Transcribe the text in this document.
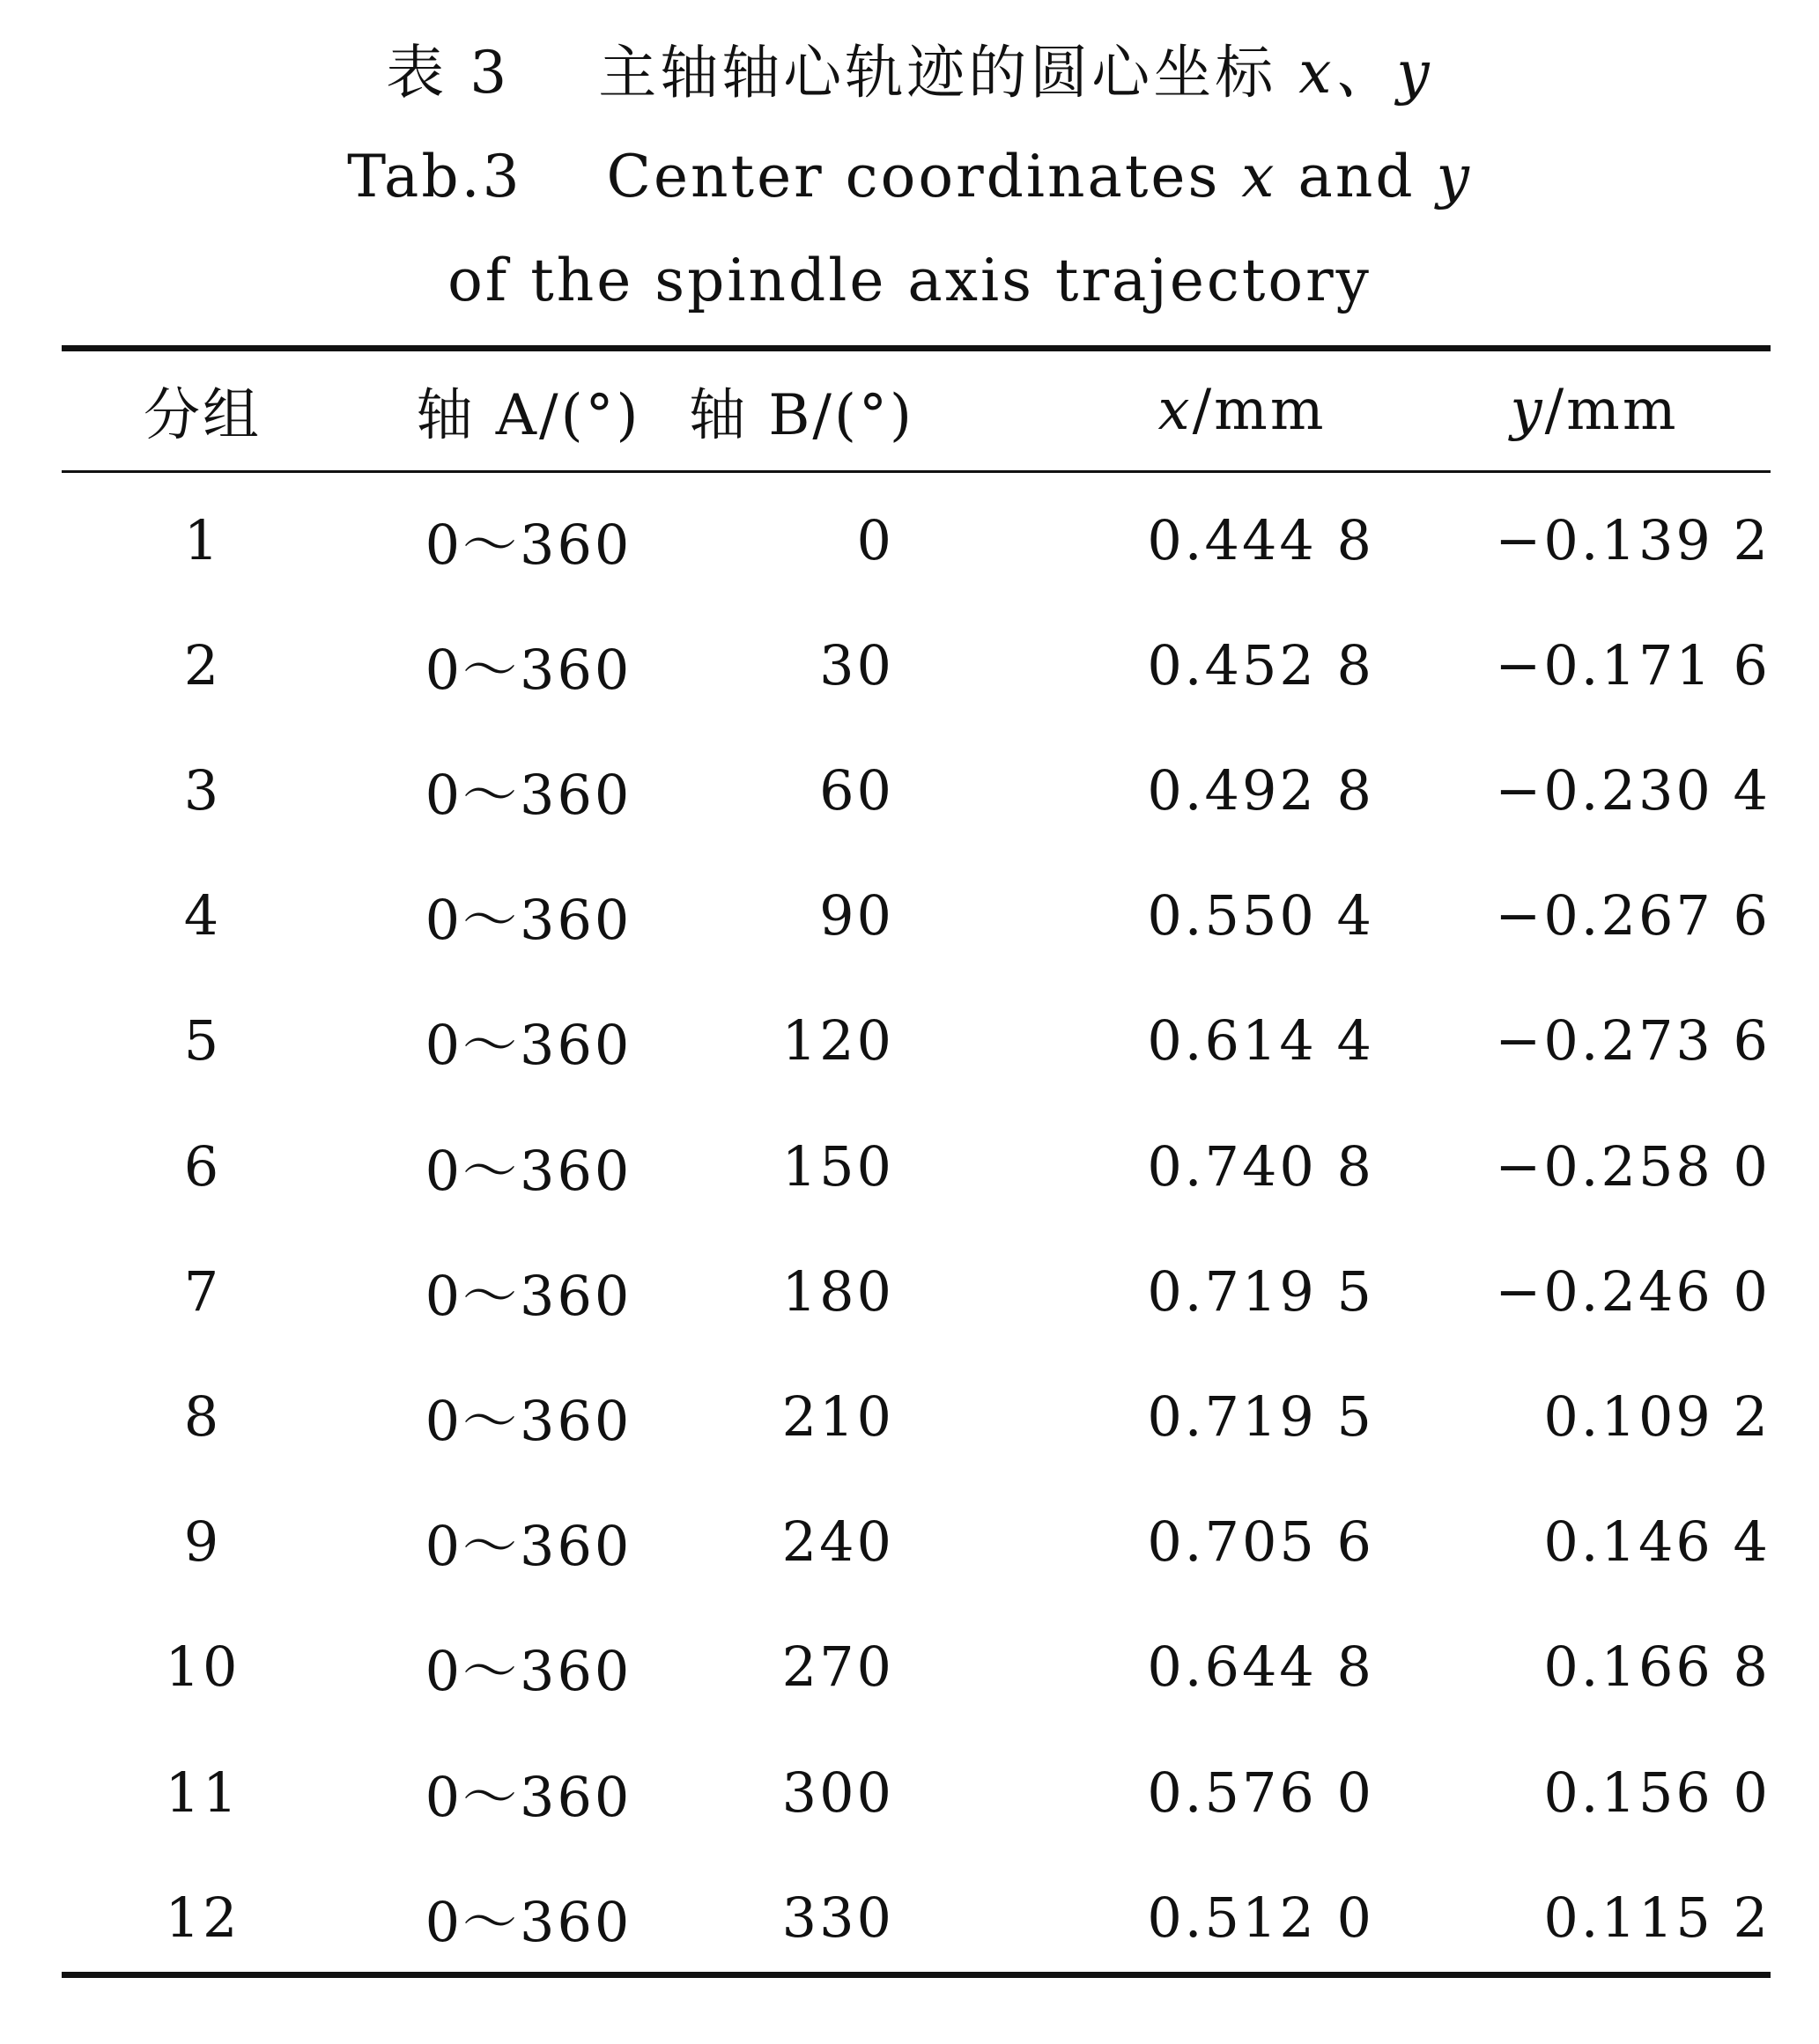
表 3 主轴轴心轨迹的圆心坐标 x、y
Tab.3 Center coordinates x and y
of the spindle axis trajectory
分组	轴 A/(°) 轴 B/(°)	x /mm	y /mm
1	0～360	0	0.444 8	−0.139 2
2	0～360	30	0.452 8	−0.171 6
3	0～360	60	0.492 8	−0.230 4
4	0～360	90	0.550 4	−0.267 6
5	0～360	120	0.614 4	−0.273 6
6	0～360	150	0.740 8	−0.258 0
7	0～360	180	0.719 5	−0.246 0
8	0～360	210	0.719 5	0.109 2
9	0～360	240	0.705 6	0.146 4
10	0～360	270	0.644 8	0.166 8
11	0～360	300	0.576 0	0.156 0
12	0～360	330	0.512 0	0.115 2
